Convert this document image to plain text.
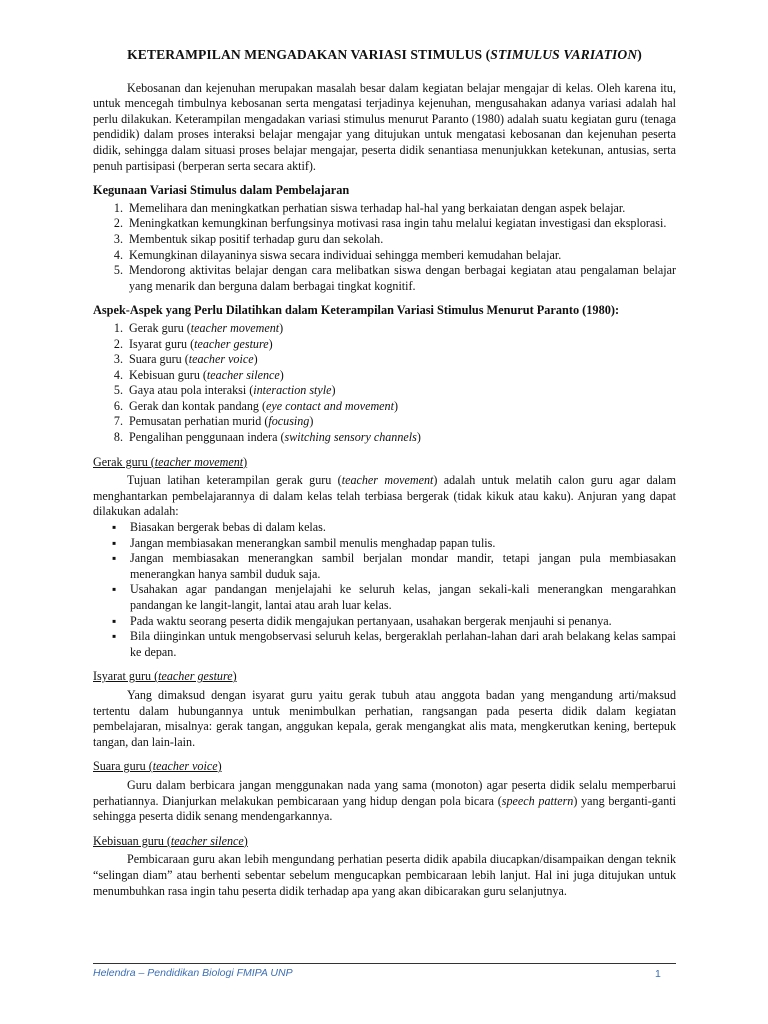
KETERAMPILAN MENGADAKAN VARIASI STIMULUS (STIMULUS VARIATION)

Kebosanan dan kejenuhan merupakan masalah besar dalam kegiatan belajar mengajar di kelas. Oleh karena itu, untuk mencegah timbulnya kebosanan serta mengatasi terjadinya kejenuhan, mengusahakan adanya variasi adalah hal perlu dilakukan. Keterampilan mengadakan variasi stimulus menurut Paranto (1980) adalah suatu kegiatan guru (tenaga pendidik) dalam proses interaksi belajar mengajar yang ditujukan untuk mengatasi kebosanan dan kejenuhan peserta didik, sehingga dalam situasi proses belajar mengajar, peserta didik senantiasa menunjukkan ketekunan, antusias, serta penuh partisipasi (berperan serta secara aktif).

Kegunaan Variasi Stimulus dalam Pembelajaran
1. Memelihara dan meningkatkan perhatian siswa terhadap hal-hal yang berkaiatan dengan aspek belajar.
2. Meningkatkan kemungkinan berfungsinya motivasi rasa ingin tahu melalui kegiatan investigasi dan eksplorasi.
3. Membentuk sikap positif terhadap guru dan sekolah.
4. Kemungkinan dilayaninya siswa secara individuai sehingga memberi kemudahan belajar.
5. Mendorong aktivitas belajar dengan cara melibatkan siswa dengan berbagai kegiatan atau pengalaman belajar yang menarik dan berguna dalam berbagai tingkat kognitif.
Aspek-Aspek yang Perlu Dilatihkan dalam Keterampilan Variasi Stimulus Menurut Paranto (1980):
1. Gerak guru (teacher movement)
2. Isyarat guru (teacher gesture)
3. Suara guru (teacher voice)
4. Kebisuan guru (teacher silence)
5. Gaya atau pola interaksi (interaction style)
6. Gerak dan kontak pandang (eye contact and movement)
7. Pemusatan perhatian murid (focusing)
8. Pengalihan penggunaan indera (switching sensory channels)

Gerak guru (teacher movement)

Tujuan latihan keterampilan gerak guru (teacher movement) adalah untuk melatih calon guru agar dalam menghantarkan pembelajarannya di dalam kelas telah terbiasa bergerak (tidak kikuk atau kaku). Anjuran yang dapat dilakukan adalah:

▪ Biasakan bergerak bebas di dalam kelas.
▪ Jangan membiasakan menerangkan sambil menulis menghadap papan tulis.
▪ Jangan membiasakan menerangkan sambil berjalan mondar mandir, tetapi jangan pula membiasakan menerangkan hanya sambil duduk saja.
▪ Usahakan agar pandangan menjelajahi ke seluruh kelas, jangan sekali-kali menerangkan mengarahkan pandangan ke langit-langit, lantai atau arah luar kelas.
▪ Pada waktu seorang peserta didik mengajukan pertanyaan, usahakan bergerak menjauhi si penanya.
▪ Bila diinginkan untuk mengobservasi seluruh kelas, bergeraklah perlahan-lahan dari arah belakang kelas sampai ke depan.

Isyarat guru (teacher gesture)

Yang dimaksud dengan isyarat guru yaitu gerak tubuh atau anggota badan yang mengandung arti/maksud tertentu dalam hubungannya untuk menimbulkan perhatian, rangsangan pada peserta didik dalam kegiatan pembelajaran, misalnya: gerak tangan, anggukan kepala, gerak mengangkat alis mata, mengkerutkan kening, bertepuk tangan, dan lain-lain.

Suara guru (teacher voice)

Guru dalam berbicara jangan menggunakan nada yang sama (monoton) agar peserta didik selalu memperbarui perhatiannya. Dianjurkan melakukan pembicaraan yang hidup dengan pola bicara (speech pattern) yang berganti-ganti sehingga peserta didik senang mendengarkannya.

Kebisuan guru (teacher silence)

Pembicaraan guru akan lebih mengundang perhatian peserta didik apabila diucapkan/disampaikan dengan teknik “selingan diam” atau berhenti sebentar sebelum mengucapkan pembicaraan lebih lanjut. Hal ini juga ditujukan untuk menumbuhkan rasa ingin tahu peserta didik terhadap apa yang akan dibicarakan guru selanjutnya.

Helendra – Pendidikan Biologi FMIPA UNP	1
